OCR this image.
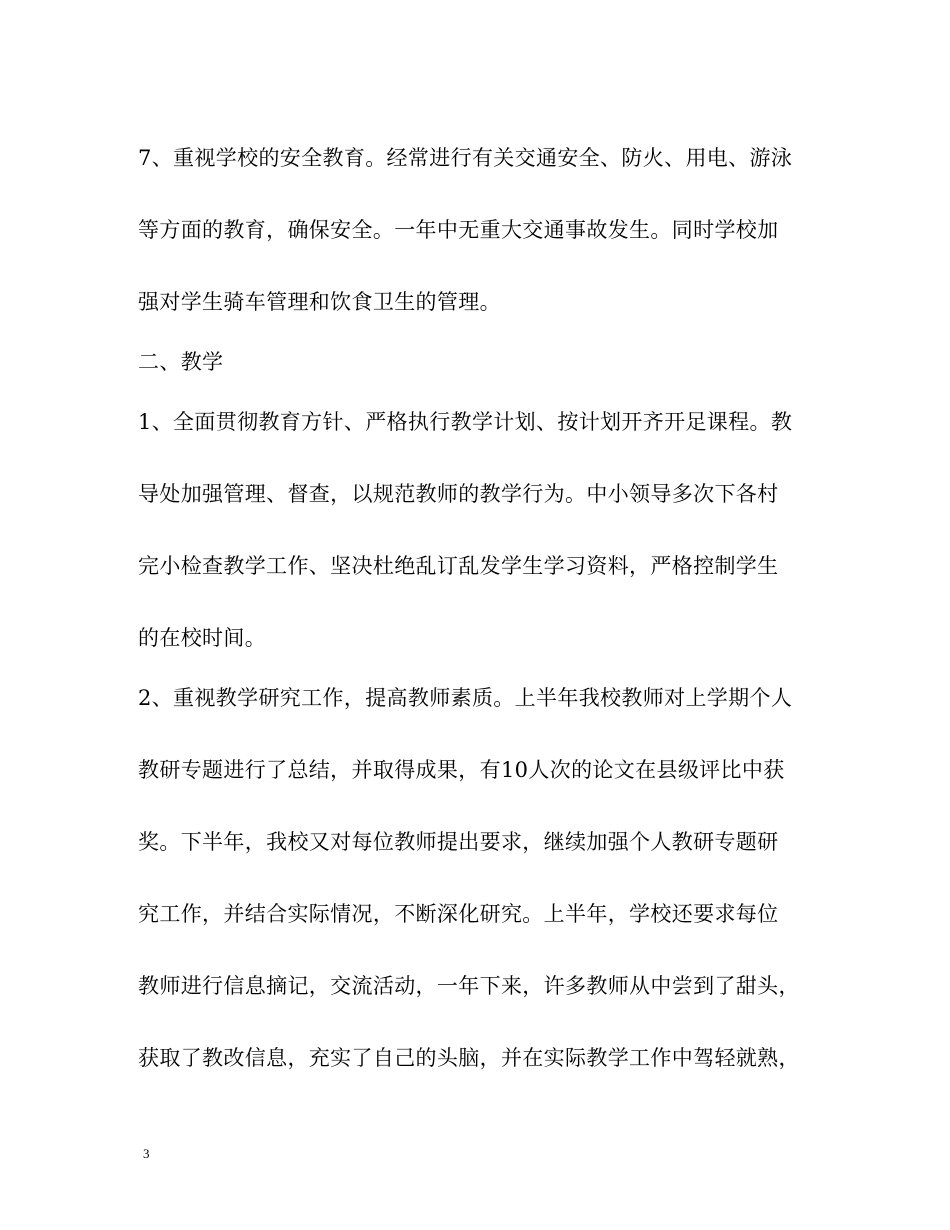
7、重视学校的安全教育。经常进行有关交通安全、防火、用电、游泳
等方面的教育，确保安全。一年中无重大交通事故发生。同时学校加
强对学生骑车管理和饮食卫生的管理。
二、教学
1、全面贯彻教育方针、严格执行教学计划、按计划开齐开足课程。教
导处加强管理、督查，以规范教师的教学行为。中小领导多次下各村
完小检查教学工作、坚决杜绝乱订乱发学生学习资料，严格控制学生
的在校时间。
2、重视教学研究工作，提高教师素质。上半年我校教师对上学期个人
教研专题进行了总结，并取得成果，有10人次的论文在县级评比中获
奖。下半年，我校又对每位教师提出要求，继续加强个人教研专题研
究工作，并结合实际情况，不断深化研究。上半年，学校还要求每位
教师进行信息摘记，交流活动，一年下来，许多教师从中尝到了甜头，
获取了教改信息，充实了自己的头脑，并在实际教学工作中驾轻就熟，
3
